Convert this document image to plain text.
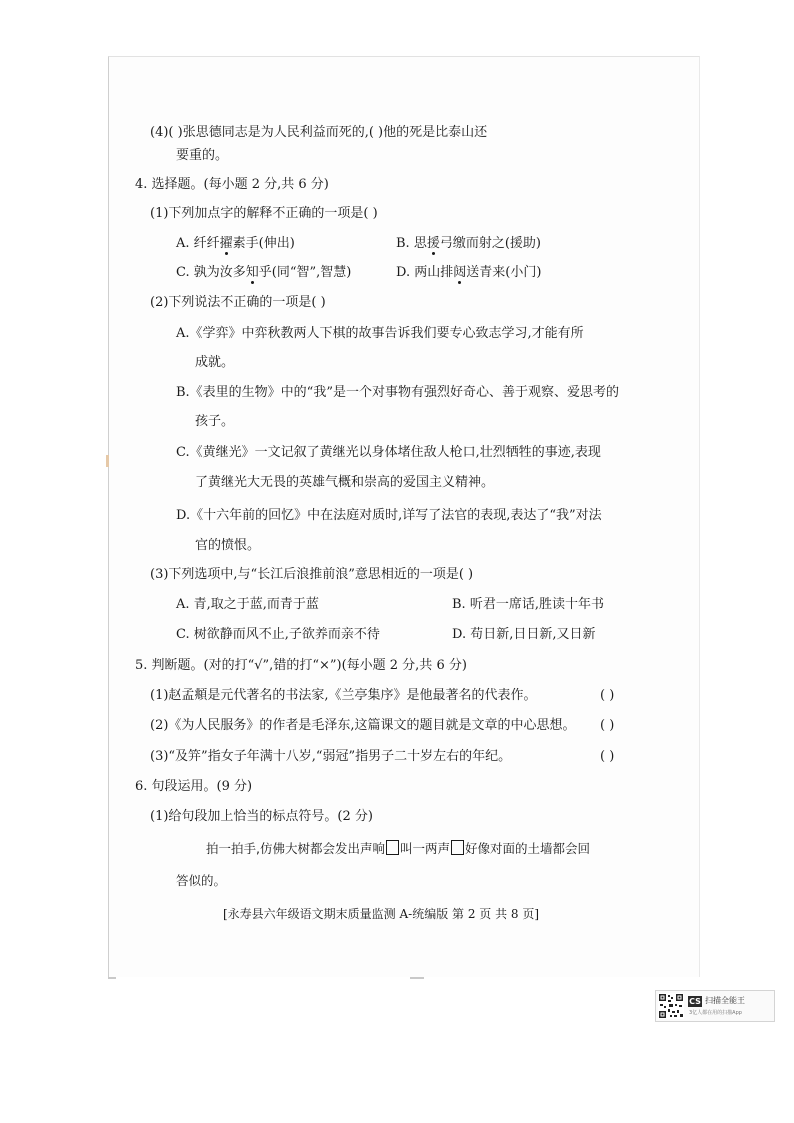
(4)( )张思德同志是为人民利益而死的,( )他的死是比泰山还
要重的。
4. 选择题。(每小题 2 分,共 6 分)
(1)下列加点字的解释不正确的一项是( )
A. 纤纤擢素手(伸出)	B. 思援弓缴而射之(援助)
C. 孰为汝多知乎(同“智”,智慧)	D. 两山排闼送青来(小门)
(2)下列说法不正确的一项是( )
A.《学弈》中弈秋教两人下棋的故事告诉我们要专心致志学习,才能有所
成就。
B.《表里的生物》中的“我”是一个对事物有强烈好奇心、善于观察、爱思考的
孩子。
C.《黄继光》一文记叙了黄继光以身体堵住敌人枪口,壮烈牺牲的事迹,表现
了黄继光大无畏的英雄气概和崇高的爱国主义精神。
D.《十六年前的回忆》中在法庭对质时,详写了法官的表现,表达了“我”对法
官的愤恨。
(3)下列选项中,与“长江后浪推前浪”意思相近的一项是( )
A. 青,取之于蓝,而青于蓝	B. 听君一席话,胜读十年书
C. 树欲静而风不止,子欲养而亲不待	D. 苟日新,日日新,又日新
5. 判断题。(对的打“√”,错的打“×”)(每小题 2 分,共 6 分)
(1)赵孟頫是元代著名的书法家,《兰亭集序》是他最著名的代表作。	( )
(2)《为人民服务》的作者是毛泽东,这篇课文的题目就是文章的中心思想。 ( )
(3)“及笄”指女子年满十八岁,“弱冠”指男子二十岁左右的年纪。	( )
6. 句段运用。(9 分)
(1)给句段加上恰当的标点符号。(2 分)
拍一拍手,仿佛大树都会发出声响 叫一两声 好像对面的土墙都会回
答似的。
[永寿县六年级语文期末质量监测 A-统编版 第 2 页 共 8 页]
CS 扫描全能王
3亿人都在用的扫描App
